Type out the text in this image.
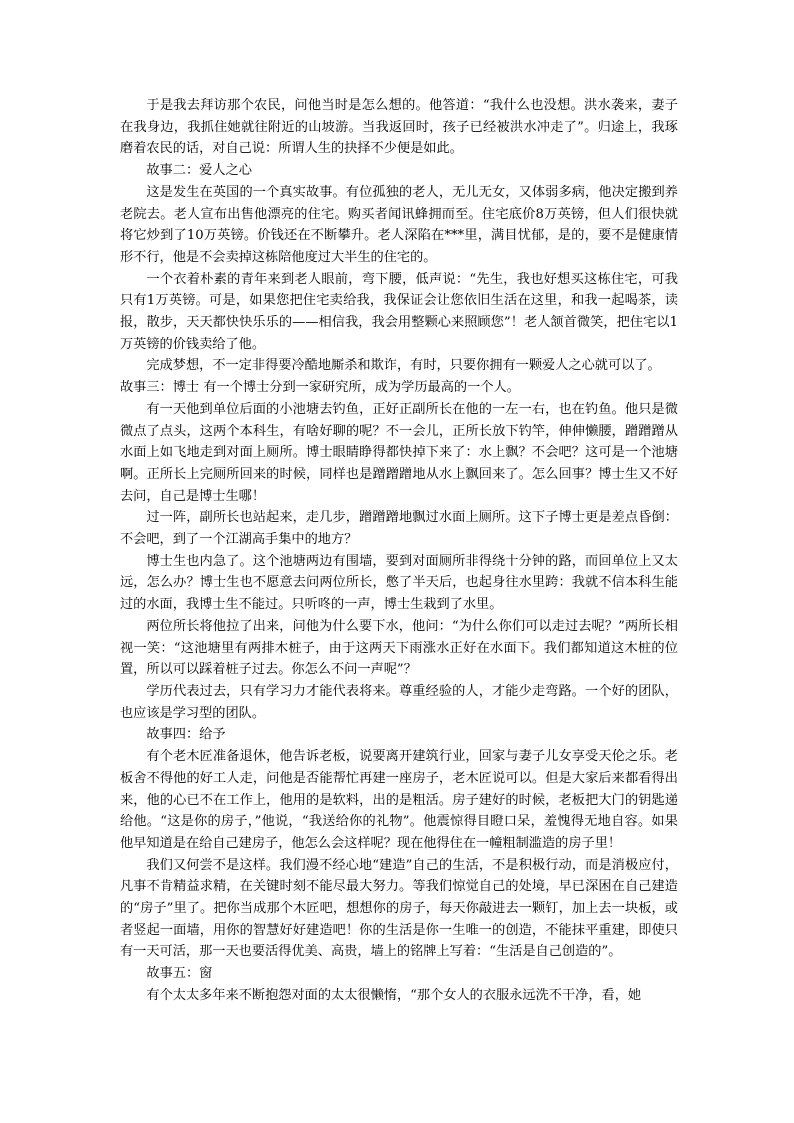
于是我去拜访那个农民，问他当时是怎么想的。他答道：“我什么也没想。洪水袭来，妻子在我身边，我抓住她就往附近的山坡游。当我返回时，孩子已经被洪水冲走了”。归途上，我琢磨着农民的话，对自己说：所谓人生的抉择不少便是如此。

故事二：爱人之心

这是发生在英国的一个真实故事。有位孤独的老人，无儿无女，又体弱多病，他决定搬到养老院去。老人宣布出售他漂亮的住宅。购买者闻讯蜂拥而至。住宅底价8万英镑，但人们很快就将它炒到了10万英镑。价钱还在不断攀升。老人深陷在***里，满目忧郁，是的，要不是健康情形不行，他是不会卖掉这栋陪他度过大半生的住宅的。

一个衣着朴素的青年来到老人眼前，弯下腰，低声说：“先生，我也好想买这栋住宅，可我只有1万英镑。可是，如果您把住宅卖给我，我保证会让您依旧生活在这里，和我一起喝茶，读报，散步，天天都快快乐乐的——相信我，我会用整颗心来照顾您”！老人颔首微笑，把住宅以1万英镑的价钱卖给了他。

完成梦想，不一定非得要冷酷地厮杀和欺诈，有时，只要你拥有一颗爱人之心就可以了。

故事三：博士 有一个博士分到一家研究所，成为学历最高的一个人。

有一天他到单位后面的小池塘去钓鱼，正好正副所长在他的一左一右，也在钓鱼。他只是微微点了点头，这两个本科生，有啥好聊的呢？不一会儿，正所长放下钓竿，伸伸懒腰，蹭蹭蹭从水面上如飞地走到对面上厕所。博士眼睛睁得都快掉下来了：水上飘？不会吧？这可是一个池塘啊。正所长上完厕所回来的时候，同样也是蹭蹭蹭地从水上飘回来了。怎么回事？博士生又不好去问，自己是博士生哪！

过一阵，副所长也站起来，走几步，蹭蹭蹭地飘过水面上厕所。这下子博士更是差点昏倒：不会吧，到了一个江湖高手集中的地方？

博士生也内急了。这个池塘两边有围墙，要到对面厕所非得绕十分钟的路，而回单位上又太远，怎么办？博士生也不愿意去问两位所长，憋了半天后，也起身往水里跨：我就不信本科生能过的水面，我博士生不能过。只听咚的一声，博士生栽到了水里。

两位所长将他拉了出来，问他为什么要下水，他问：“为什么你们可以走过去呢？”两所长相视一笑：“这池塘里有两排木桩子，由于这两天下雨涨水正好在水面下。我们都知道这木桩的位置，所以可以踩着桩子过去。你怎么不问一声呢”？

学历代表过去，只有学习力才能代表将来。尊重经验的人，才能少走弯路。一个好的团队，也应该是学习型的团队。

故事四：给予

有个老木匠准备退休，他告诉老板，说要离开建筑行业，回家与妻子儿女享受天伦之乐。老板舍不得他的好工人走，问他是否能帮忙再建一座房子，老木匠说可以。但是大家后来都看得出来，他的心已不在工作上，他用的是软料，出的是粗活。房子建好的时候，老板把大门的钥匙递给他。“这是你的房子，”他说，“我送给你的礼物”。他震惊得目瞪口呆，羞愧得无地自容。如果他早知道是在给自己建房子，他怎么会这样呢？现在他得住在一幢粗制滥造的房子里！

我们又何尝不是这样。我们漫不经心地“建造”自己的生活，不是积极行动，而是消极应付，凡事不肯精益求精，在关键时刻不能尽最大努力。等我们惊觉自己的处境，早已深困在自己建造的“房子”里了。把你当成那个木匠吧，想想你的房子，每天你敲进去一颗钉，加上去一块板，或者竖起一面墙，用你的智慧好好建造吧！你的生活是你一生唯一的创造，不能抹平重建，即使只有一天可活，那一天也要活得优美、高贵，墙上的铭牌上写着：“生活是自己创造的”。

故事五：窗

有个太太多年来不断抱怨对面的太太很懒惰，“那个女人的衣服永远洗不干净，看，她
